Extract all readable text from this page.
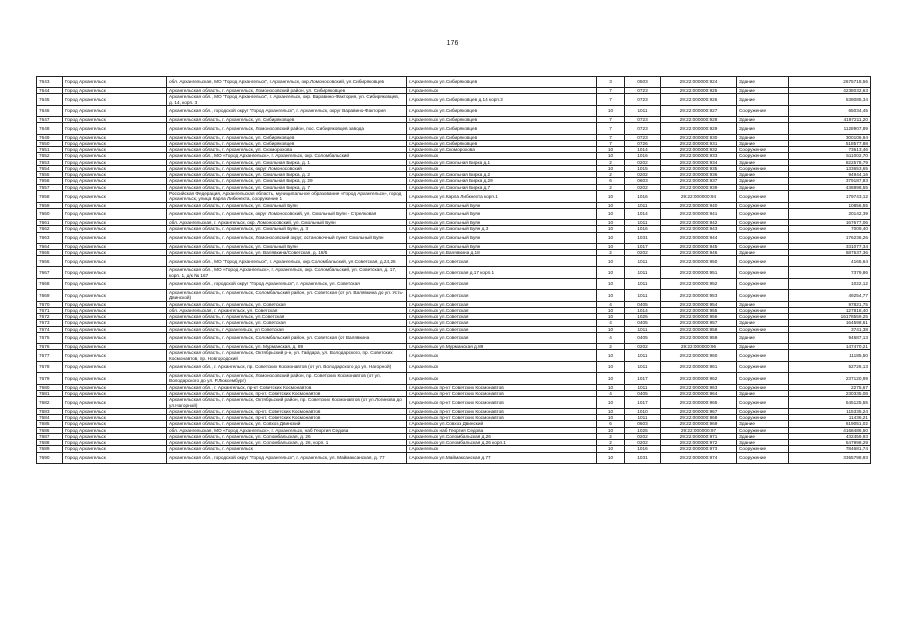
176
7643	Город Архангельск	обл. Архангельская, МО "Город Архангельск", г.Архангельск, окр.Ломоносовский, ул.Сибиряковцев	г.Архангельск ул.Сибиряковцев	3	0503	29:22:000000:924	Здание	2675718,56
7644	Город Архангельск	Архангельская область, г. Архангельск, Ломоносовский район, ул. Сибиряковцев	г.Архангельск	7	0723	29:22:000000:925	Здание	4238032,63
7645	Город Архангельск	Архангельская обл., МО "Город Архангельск", г. Архангельск, окр. Варавино-Фактория, ул. Сибиряковцев, д. 14, корп. 3	г.Архангельск ул.Сибиряковцев д.14 корп.3	7	0723	29:22:000000:926	Здание	538085,34
7646	Город Архангельск	Архангельская обл., городской округ "Город Архангельск", г. Архангельск, округ Варавино-Фактория	г.Архангельск ул.Сибиряковцев	10	1011	29:22:000000:927	Сооружение	65034,45
7647	Город Архангельск	Архангельская область, г. Архангельск, ул. Сибиряковцев	г.Архангельск ул.Сибиряковцев	7	0723	29:22:000000:928	Здание	4197211,20
7648	Город Архангельск	Архангельская область, г. Архангельск, Ломоносовский район, пос. Сибиряковцев завода	г.Архангельск ул.Сибиряковцев	7	0723	29:22:000000:929	Здание	1128907,89
7649	Город Архангельск	Архангельская область, г. Архангельск, ул. Сибиряковцев	г.Архангельск ул.Сибиряковцев	7	0723	29:22:000000:930	Здание	300106,94
7650	Город Архангельск	Архангельская область, г. Архангельск, ул. Сибиряковцев	г.Архангельск ул.Сибиряковцев	7	0726	29:22:000000:931	Здание	518577,88
7651	Город Архангельск	Архангельская область, г. Архангельск, ул. Скоморохова	г.Архангельск ул.Скоморохова	10	1014	29:22:000000:932	Сооружение	73613,46
7652	Город Архангельск	Архангельская обл., МО «Город Архангельск», г. Архангельск, окр. Соломбальский	г.Архангельск	10	1016	29:22:000000:933	Сооружение	511002,70
7653	Город Архангельск	Архангельская область, г. Архангельск, ул. Смольная Бирка, д. 1	г.Архангельск ул.Смольная Бирка д.1	2	0202	29:22:000000:934	Здание	822578,79
7654	Город Архангельск	Архангельская область, г. Архангельск, округ Ломоносовский	г.Архангельск	10	1015	29:22:000000:935	Сооружение	133653,65
7655	Город Архангельск	Архангельская область, г. Архангельск, ул. Смольная Бирка, д. 2	г.Архангельск ул.Смольная Бирка д.2	2	0202	29:22:000000:936	Здание	94944,16
7656	Город Архангельск	Архангельская область, г. Архангельск, ул. Смольная Бирка, д. 29	г.Архангельск ул.Смольная Бирка д.29	6	0603	29:22:000000:937	Здание	379187,83
7657	Город Архангельск	Архангельская область, г. Архангельск, ул. Смольная Бирка, д. 7	г.Архангельск ул.Смольная Бирка д.7	2	0202	29:22:000000:939	Здание	438898,55
7658	Город Архангельск	Российская Федерация, Архангельская область, муниципальное образование «Город Архангельск», город Архангельск, улица Карла Либкнехта, сооружение 1	г.Архангельск ул.Карла Либкнехта корп.1	10	1016	29:22:000000:94	Сооружение	179743,12
7659	Город Архангельск	Архангельская область, г. Архангельск, ул. Смольный Буян	г.Архангельск ул.Смольный Буян	10	1011	29:22:000000:940	Сооружение	10856,55
7660	Город Архангельск	Архангельская область, г. Архангельск, округ Ломоносовский, ул. Смольный Буян - Стрелковая	г.Архангельск ул.Смольный Буян	10	1014	29:22:000000:941	Сооружение	20142,39
7661	Город Архангельск	обл. Архангельская, г. Архангельск, окр. Ломоносовский, ул. Смольный Буян	г.Архангельск ул.Смольный Буян	10	1011	29:22:000000:942	Сооружение	167677,06
7662	Город Архангельск	Архангельская область, г. Архангельск, ул. Смольный Буян, д. 3	г.Архангельск ул.Смольный Буян д.3	10	1016	29:22:000000:943	Сооружение	7009,40
7663	Город Архангельск	Архангельская область, г. Архангельск, Ломоносовский округ, остановочный пункт Смольный Буян	г.Архангельск ул.Смольный Буян	10	1031	29:22:000000:944	Сооружение	176236,26
7664	Город Архангельск	Архангельская область, г. Архангельск, ул. Смольный Буян	г.Архангельск ул.Смольный Буян	10	1017	29:22:000000:945	Сооружение	331077,34
7665	Город Архангельск	Архангельская область, г. Архангельск, ул. Валявкина/Советская, д. 18/5	г.Архангельск ул.Валявкина д.18	2	0202	29:22:000000:946	Здание	687537,36
7666	Город Архангельск	Архангельская обл., МО "Город Архангельск", г. Архангельск, окр.Соломбальский, ул.Советская, д.24,26	г.Архангельск ул.Советская	10	1011	29:22:000000:950	Сооружение	4165,64
7667	Город Архангельск	Архангельская обл., МО «Город Архангельск», г. Архангельск, окр. Соломбальский, ул. Советская, д. 17, корп. 1, д/к № 167	г.Архангельск ул.Советская д.17 корп.1	10	1011	29:22:000000:951	Сооружение	7379,86
7668	Город Архангельск	Архангельская обл., городской округ "Город Архангельск", г. Архангельск, ул. Советская	г.Архангельск ул.Советская	10	1011	29:22:000000:952	Сооружение	1022,12
7669	Город Архангельск	Архангельская область, г. Архангельск, Соломбальский район, ул. Советская (от ул. Валявкина до ул. Усть-Двинской)	г.Архангельск ул.Советская	10	1011	29:22:000000:953	Сооружение	49254,77
7670	Город Архангельск	Архангельская область, г. Архангельск, ул. Советская	г.Архангельск ул.Советская	4	0405	29:22:000000:954	Здание	97821,75
7671	Город Архангельск	обл. Архангельская, г. Архангельск, ул. Советская	г.Архангельск ул.Советская	10	1014	29:22:000000:955	Сооружение	127818,40
7672	Город Архангельск	Архангельская область, г. Архангельск, ул.Советская	г.Архангельск ул.Советская	10	1025	29:22:000000:956	Сооружение	16178559,25
7673	Город Архангельск	Архангельская область, г. Архангельск, ул. Советская	г.Архангельск ул.Советская	4	0405	29:22:000000:957	Здание	164598,61
7674	Город Архангельск	Архангельская область, г Архангельск, ул Советская	г.Архангельск ул.Советская	10	1011	29:22:000000:958	Сооружение	3741,38
7675	Город Архангельск	Архангельская область, г. Архангельск, Соломбальский район, ул. Советская (от Валявкина	г.Архангельск ул.Советская	4	0405	29:22:000000:959	Здание	94687,13
7676	Город Архангельск	Архангельская область, г. Архангельск, ул. Мурманская, д. 89	г.Архангельск ул.Мурманская д.89	2	0202	29:22:000000:96	Здание	147470,21
7677	Город Архангельск	Архангельская область, г. Архангельск, Октябрьский р-н, ул. Гайдара, ул. Володарского, пр. Советских Космонавтов, пр. Новгородский	г.Архангельск	10	1011	29:22:000000:960	Сооружение	11185,50
7678	Город Архангельск	Архангельская обл., г. Архангельск, пр. Советских Космонавтов (от ул. Володарского до ул. Нагорной)	г.Архангельск	10	1011	29:22:000000:961	Сооружение	52726,13
7679	Город Архангельск	Архангельская область, г. Архангельск, Ломоносовский район, пр. Советских Космонавтов (от ул. Володарского до ул. Р.Люксембург)	г.Архангельск	10	1017	29:22:000000:962	Сооружение	237120,99
7680	Город Архангельск	Архангельская обл., г. Архангельск, пр-кт Советских Космонавтов	г.Архангельск пр-кт Советских Космонавтов	10	1011	29:22:000000:963	Сооружение	2275,67
7681	Город Архангельск	Архангельская область, г. Архангельск, пр-кт. Советских Космонавтов	г.Архангельск пр-кт Советских Космонавтов	4	0405	29:22:000000:964	Здание	230335,08
7682	Город Архангельск	Архангельская область, г. Архангельск, Октябрьский район, пр. Советских Космонавтов (от ул.Логинова до ул.Нагорной)	г.Архангельск пр-кт Советских Космонавтов	10	1017	29:22:000000:965	Сооружение	545125,55
7683	Город Архангельск	Архангельская область, г. Архангельск, пр-кт. Советских Космонавтов	г.Архангельск пр-кт Советских Космонавтов	10	1010	29:22:000000:967	Сооружение	115335,24
7684	Город Архангельск	Архангельская область, г. Архангельск, пр-кт. Советских Космонавтов	г.Архангельск пр-кт Советских Космонавтов	10	1011	29:22:000000:968	Сооружение	11436,21
7685	Город Архангельск	Архангельская область, г. Архангельск, ул. Совхоз Двинский	г.Архангельск ул.Совхоз Двинский	6	0603	29:22:000000:969	Здание	619051,02
7686	Город Архангельск	обл. Архангельская, МО «Город Архангельск», г. Архангельск, наб Георгия Седова	г.Архангельск наб Георгия Седова	10	1025	29:22:000000:97	Сооружение	4168486,50
7687	Город Архангельск	Архангельская область, г. Архангельск, ул. Соломбальская, д. 26	г.Архангельск ул.Соломбальская д.26	2	0202	29:22:000000:971	Здание	432459,93
7688	Город Архангельск	Архангельская область, г. Архангельск, ул. Соломбальская, д. 26, корп. 1	г.Архангельск ул.Соломбальская д.26 корп.1	2	0202	29:22:000000:972	Здание	547998,29
7689	Город Архангельск	Архангельская область, г. Архангельск	г.Архангельск	10	1016	29:22:000000:973	Сооружение	784681,74
7690	Город Архангельск	Архангельская обл., городской округ "Город Архангельск", г. Архангельск, ул. Маймаксанская, д. 77	г.Архангельск ул.Маймаксанская д.77	10	1031	29:22:000000:974	Сооружение	3365798,93
